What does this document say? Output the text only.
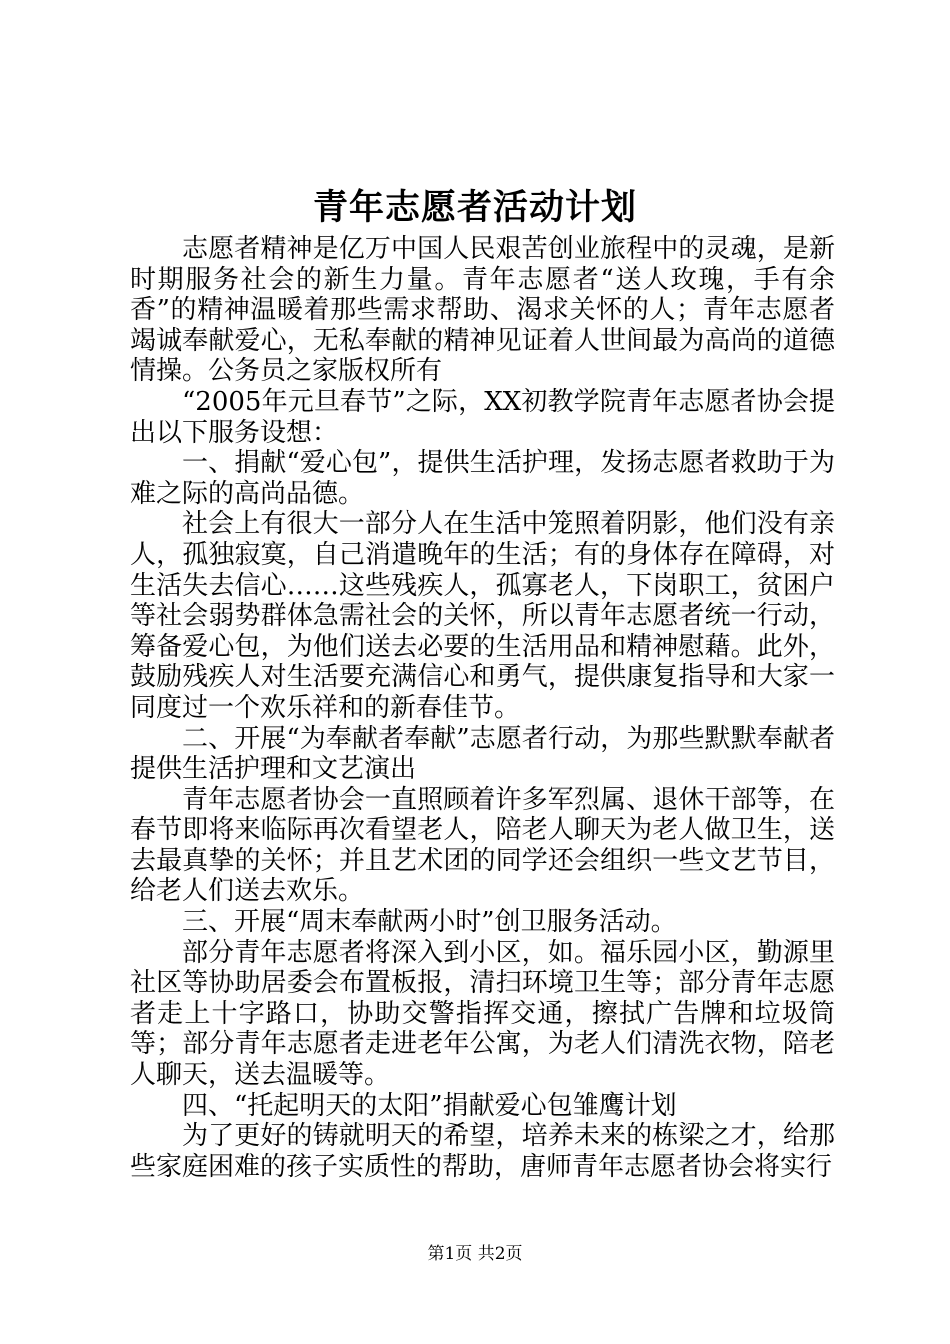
青年志愿者活动计划

志愿者精神是亿万中国人民艰苦创业旅程中的灵魂，是新时期服务社会的新生力量。青年志愿者“送人玫瑰，手有余香”的精神温暖着那些需求帮助、渴求关怀的人；青年志愿者竭诚奉献爱心，无私奉献的精神见证着人世间最为高尚的道德情操。公务员之家版权所有

“2005年元旦春节”之际，XX初教学院青年志愿者协会提出以下服务设想：

一、捐献“爱心包”，提供生活护理，发扬志愿者救助于为难之际的高尚品德。

社会上有很大一部分人在生活中笼照着阴影，他们没有亲人，孤独寂寞，自己消遣晚年的生活；有的身体存在障碍，对生活失去信心……这些残疾人，孤寡老人，下岗职工，贫困户等社会弱势群体急需社会的关怀，所以青年志愿者统一行动，筹备爱心包，为他们送去必要的生活用品和精神慰藉。此外，鼓励残疾人对生活要充满信心和勇气，提供康复指导和大家一同度过一个欢乐祥和的新春佳节。

二、开展“为奉献者奉献”志愿者行动，为那些默默奉献者提供生活护理和文艺演出

青年志愿者协会一直照顾着许多军烈属、退休干部等，在春节即将来临际再次看望老人，陪老人聊天为老人做卫生，送去最真挚的关怀；并且艺术团的同学还会组织一些文艺节目，给老人们送去欢乐。

三、开展“周末奉献两小时”创卫服务活动。

部分青年志愿者将深入到小区，如。福乐园小区，勤源里社区等协助居委会布置板报，清扫环境卫生等；部分青年志愿者走上十字路口，协助交警指挥交通，擦拭广告牌和垃圾筒等；部分青年志愿者走进老年公寓，为老人们清洗衣物，陪老人聊天，送去温暖等。

四、“托起明天的太阳”捐献爱心包雏鹰计划

为了更好的铸就明天的希望，培养未来的栋梁之才，给那些家庭困难的孩子实质性的帮助，唐师青年志愿者协会将实行

第1页 共2页
